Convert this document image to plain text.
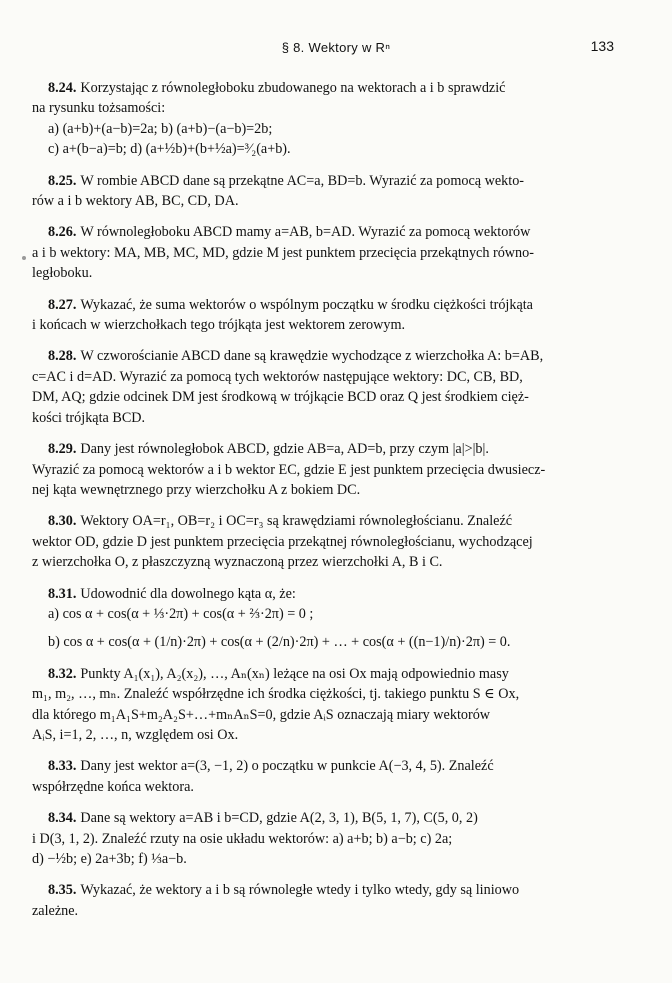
§ 8. Wektory w Rⁿ	133
8.24. Korzystając z równoległoboku zbudowanego na wektorach a i b sprawdzić
na rysunku tożsamości:
a) (a+b)+(a−b)=2a; b) (a+b)−(a−b)=2b;
c) a+(b−a)=b; d) (a+½b)+(b+½a)=³⁄₂(a+b).
8.25. W rombie ABCD dane są przekątne AC=a, BD=b. Wyrazić za pomocą wekto-
rów a i b wektory AB, BC, CD, DA.
8.26. W równoległoboku ABCD mamy a=AB, b=AD. Wyrazić za pomocą wektorów
a i b wektory: MA, MB, MC, MD, gdzie M jest punktem przecięcia przekątnych równo-
ległoboku.
8.27. Wykazać, że suma wektorów o wspólnym początku w środku ciężkości trójkąta
i końcach w wierzchołkach tego trójkąta jest wektorem zerowym.
8.28. W czworościanie ABCD dane są krawędzie wychodzące z wierzchołka A: b=AB,
c=AC i d=AD. Wyrazić za pomocą tych wektorów następujące wektory: DC, CB, BD,
DM, AQ; gdzie odcinek DM jest środkową w trójkącie BCD oraz Q jest środkiem cięż-
kości trójkąta BCD.
8.29. Dany jest równoległobok ABCD, gdzie AB=a, AD=b, przy czym |a|>|b|.
Wyrazić za pomocą wektorów a i b wektor EC, gdzie E jest punktem przecięcia dwusiecz-
nej kąta wewnętrznego przy wierzchołku A z bokiem DC.
8.30. Wektory OA=r₁, OB=r₂ i OC=r₃ są krawędziami równoległościanu. Znaleźć
wektor OD, gdzie D jest punktem przecięcia przekątnej równoległościanu, wychodzącej
z wierzchołka O, z płaszczyzną wyznaczoną przez wierzchołki A, B i C.
8.31. Udowodnić dla dowolnego kąta α, że:
a) cos α + cos(α + ⅓·2π) + cos(α + ⅔·2π) = 0 ;
b) cos α + cos(α + (1/n)·2π) + cos(α + (2/n)·2π) + … + cos(α + ((n−1)/n)·2π) = 0.
8.32. Punkty A₁(x₁), A₂(x₂), …, Aₙ(xₙ) leżące na osi Ox mają odpowiednio masy
m₁, m₂, …, mₙ. Znaleźć współrzędne ich środka ciężkości, tj. takiego punktu S ∈ Ox,
dla którego m₁A₁S+m₂A₂S+…+mₙAₙS=0, gdzie AᵢS oznaczają miary wektorów
AᵢS, i=1, 2, …, n, względem osi Ox.
8.33. Dany jest wektor a=(3, −1, 2) o początku w punkcie A(−3, 4, 5). Znaleźć
współrzędne końca wektora.
8.34. Dane są wektory a=AB i b=CD, gdzie A(2, 3, 1), B(5, 1, 7), C(5, 0, 2)
i D(3, 1, 2). Znaleźć rzuty na osie układu wektorów: a) a+b; b) a−b; c) 2a;
d) −½b; e) 2a+3b; f) ⅓a−b.
8.35. Wykazać, że wektory a i b są równoległe wtedy i tylko wtedy, gdy są liniowo
zależne.
